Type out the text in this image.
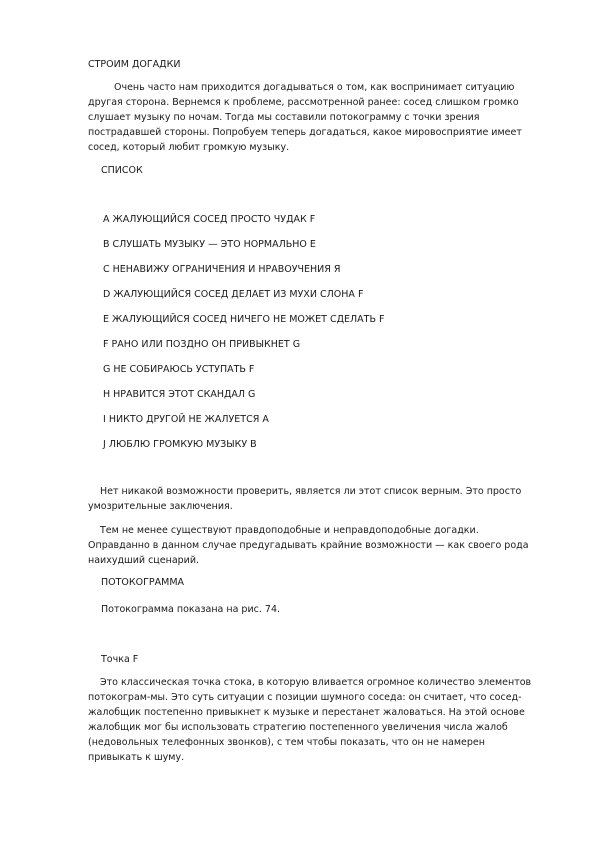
СТРОИМ ДОГАДКИ

Очень часто нам приходится догадываться о том, как воспринимает ситуацию другая сторона. Вернемся к проблеме, рассмотренной ранее: сосед слишком громко слушает музыку по ночам. Тогда мы составили потокограмму с точки зрения пострадавшей стороны. Попробуем теперь догадаться, какое мировосприятие имеет сосед, который любит громкую музыку.

СПИСОК
A ЖАЛУЮЩИЙСЯ СОСЕД ПРОСТО ЧУДАК F
B СЛУШАТЬ МУЗЫКУ — ЭТО НОРМАЛЬНО E
C НЕНАВИЖУ ОГРАНИЧЕНИЯ И НРАВОУЧЕНИЯ Я
D ЖАЛУЮЩИЙСЯ СОСЕД ДЕЛАЕТ ИЗ МУХИ СЛОНА F
E ЖАЛУЮЩИЙСЯ СОСЕД НИЧЕГО НЕ МОЖЕТ СДЕЛАТЬ F
F РАНО ИЛИ ПОЗДНО ОН ПРИВЫКНЕТ G
G НЕ СОБИРАЮСЬ УСТУПАТЬ F
H НРАВИТСЯ ЭТОТ СКАНДАЛ G
I НИКТО ДРУГОЙ НЕ ЖАЛУЕТСЯ A
J ЛЮБЛЮ ГРОМКУЮ МУЗЫКУ B

Нет никакой возможности проверить, является ли этот список верным. Это просто умозрительные заключения.

Тем не менее существуют правдоподобные и неправдоподобные догадки. Оправданно в данном случае предугадывать крайние возможности — как своего рода наихудший сценарий.

ПОТОКОГРАММА
Потокограмма показана на рис. 74.
Точка F

Это классическая точка стока, в которую вливается огромное количество элементов потокограм-мы. Это суть ситуации с позиции шумного соседа: он считает, что сосед-жалобщик постепенно привыкнет к музыке и перестанет жаловаться. На этой основе жалобщик мог бы использовать стратегию постепенного увеличения числа жалоб (недовольных телефонных звонков), с тем чтобы показать, что он не намерен привыкать к шуму.
